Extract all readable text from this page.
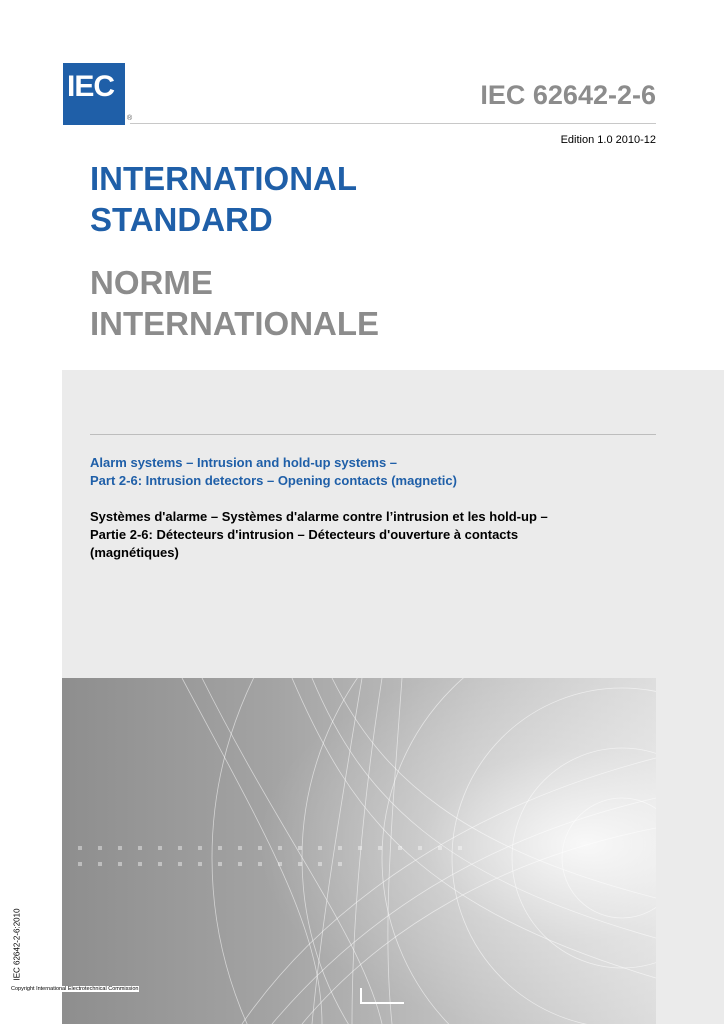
IEC
®
IEC 62642-2-6
Edition 1.0 2010-12
INTERNATIONAL
STANDARD
NORME
INTERNATIONALE
Alarm systems – Intrusion and hold-up systems –
Part 2-6: Intrusion detectors – Opening contacts (magnetic)
Systèmes d'alarme – Systèmes d'alarme contre l’intrusion et les hold-up –
Partie 2-6: Détecteurs d'intrusion – Détecteurs d'ouverture à contacts
(magnétiques)
IEC 62642-2-6:2010
Copyright International Electrotechnical Commission
